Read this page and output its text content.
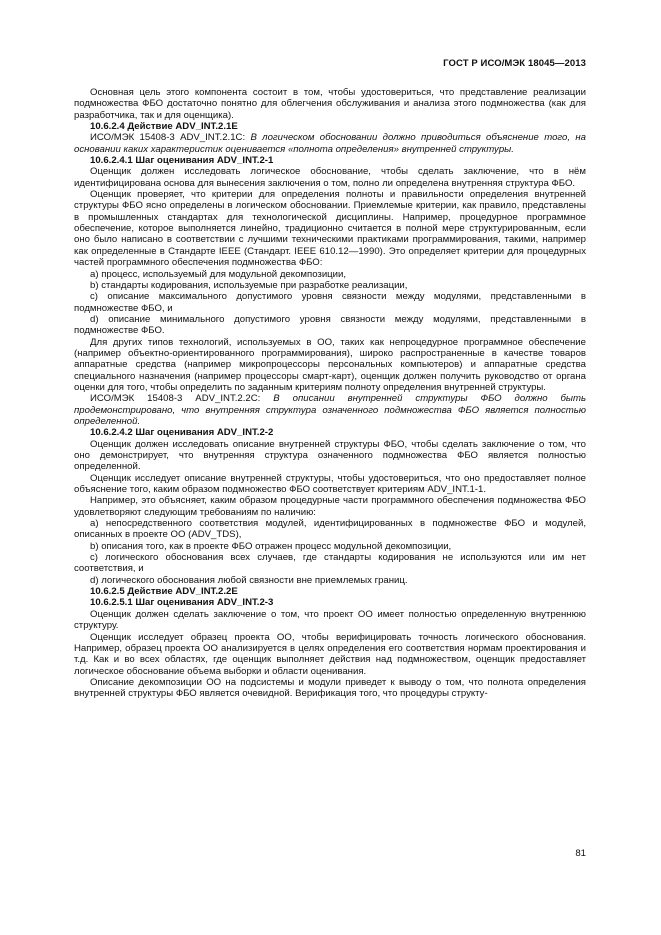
ГОСТ Р ИСО/МЭК 18045—2013

Основная цель этого компонента состоит в том, чтобы удостовериться, что представление реализации подмножества ФБО достаточно понятно для облегчения обслуживания и анализа этого подмножества (как для разработчика, так и для оценщика).

10.6.2.4 Действие ADV_INT.2.1E

ИСО/МЭК 15408-3 ADV_INT.2.1C: В логическом обосновании должно приводиться объяснение того, на основании каких характеристик оценивается «полнота определения» внутренней структуры.

10.6.2.4.1 Шаг оценивания ADV_INT.2-1

Оценщик должен исследовать логическое обоснование, чтобы сделать заключение, что в нём идентифицирована основа для вынесения заключения о том, полно ли определена внутренняя структура ФБО.

Оценщик проверяет, что критерии для определения полноты и правильности определения внутренней структуры ФБО ясно определены в логическом обосновании. Приемлемые критерии, как правило, представлены в промышленных стандартах для технологической дисциплины. Например, процедурное программное обеспечение, которое выполняется линейно, традиционно считается в полной мере структурированным, если оно было написано в соответствии с лучшими техническими практиками программирования, такими, например как определенные в Стандарте IEEE (Стандарт. IEEE 610.12—1990). Это определяет критерии для процедурных частей программного обеспечения подмножества ФБО:

a) процесс, используемый для модульной декомпозиции,

b) стандарты кодирования, используемые при разработке реализации,

c) описание максимального допустимого уровня связности между модулями, представленными в подмножестве ФБО, и

d) описание минимального допустимого уровня связности между модулями, представленными в подмножестве ФБО.

Для других типов технологий, используемых в ОО, таких как непроцедурное программное обеспечение (например объектно-ориентированного программирования), широко распространенные в качестве товаров аппаратные средства (например микропроцессоры персональных компьютеров) и аппаратные средства специального назначения (например процессоры смарт-карт), оценщик должен получить руководство от органа оценки для того, чтобы определить по заданным критериям полноту определения внутренней структуры.

ИСО/МЭК 15408-3 ADV_INT.2.2C: В описании внутренней структуры ФБО должно быть продемонстрировано, что внутренняя структура означенного подмножества ФБО является полностью определенной.

10.6.2.4.2 Шаг оценивания ADV_INT.2-2

Оценщик должен исследовать описание внутренней структуры ФБО, чтобы сделать заключение о том, что оно демонстрирует, что внутренняя структура означенного подмножества ФБО является полностью определенной.

Оценщик исследует описание внутренней структуры, чтобы удостовериться, что оно предоставляет полное объяснение того, каким образом подмножество ФБО соответствует критериям ADV_INT.1-1.

Например, это объясняет, каким образом процедурные части программного обеспечения подмножества ФБО удовлетворяют следующим требованиям по наличию:

a) непосредственного соответствия модулей, идентифицированных в подмножестве ФБО и модулей, описанных в проекте ОО (ADV_TDS),

b) описания того, как в проекте ФБО отражен процесс модульной декомпозиции,

c) логического обоснования всех случаев, где стандарты кодирования не используются или им нет соответствия, и

d) логического обоснования любой связности вне приемлемых границ.

10.6.2.5 Действие ADV_INT.2.2E

10.6.2.5.1 Шаг оценивания ADV_INT.2-3

Оценщик должен сделать заключение о том, что проект ОО имеет полностью определенную внутреннюю структуру.

Оценщик исследует образец проекта ОО, чтобы верифицировать точность логического обоснования. Например, образец проекта ОО анализируется в целях определения его соответствия нормам проектирования и т.д. Как и во всех областях, где оценщик выполняет действия над подмножеством, оценщик предоставляет логическое обоснование объема выборки и области оценивания.

Описание декомпозиции ОО на подсистемы и модули приведет к выводу о том, что полнота определения внутренней структуры ФБО является очевидной. Верификация того, что процедуры структу-

81
